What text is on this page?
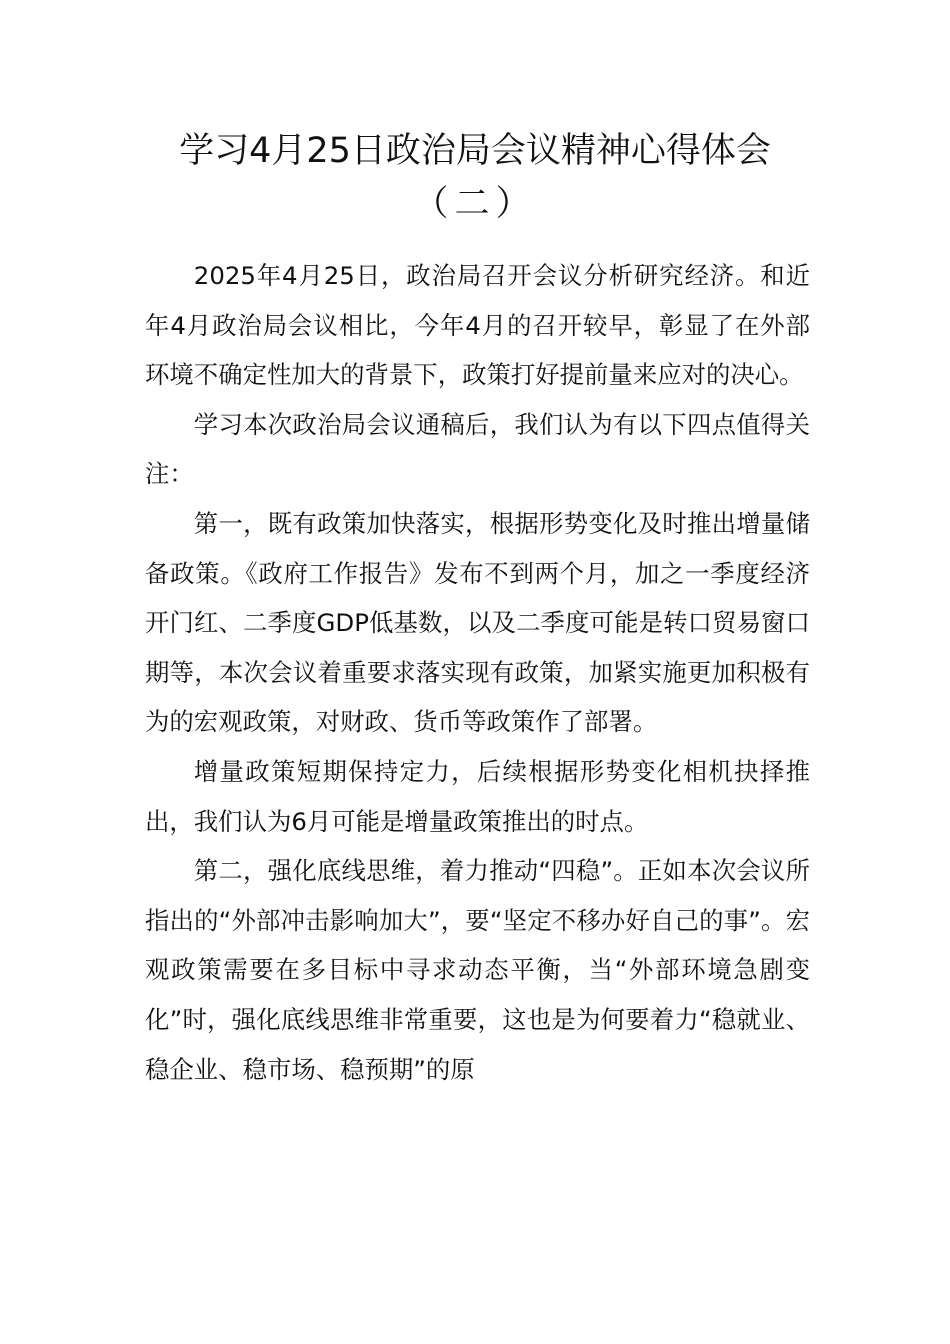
学习4月25日政治局会议精神心得体会
（二）

2025年4月25日，政治局召开会议分析研究经济。和近年4月政治局会议相比，今年4月的召开较早，彰显了在外部环境不确定性加大的背景下，政策打好提前量来应对的决心。

学习本次政治局会议通稿后，我们认为有以下四点值得关注：

第一，既有政策加快落实，根据形势变化及时推出增量储备政策。《政府工作报告》发布不到两个月，加之一季度经济开门红、二季度GDP低基数，以及二季度可能是转口贸易窗口期等，本次会议着重要求落实现有政策，加紧实施更加积极有为的宏观政策，对财政、货币等政策作了部署。

增量政策短期保持定力，后续根据形势变化相机抉择推出，我们认为6月可能是增量政策推出的时点。

第二，强化底线思维，着力推动“四稳”。正如本次会议所指出的“外部冲击影响加大”，要“坚定不移办好自己的事”。宏观政策需要在多目标中寻求动态平衡，当“外部环境急剧变化”时，强化底线思维非常重要，这也是为何要着力“稳就业、稳企业、稳市场、稳预期”的原
